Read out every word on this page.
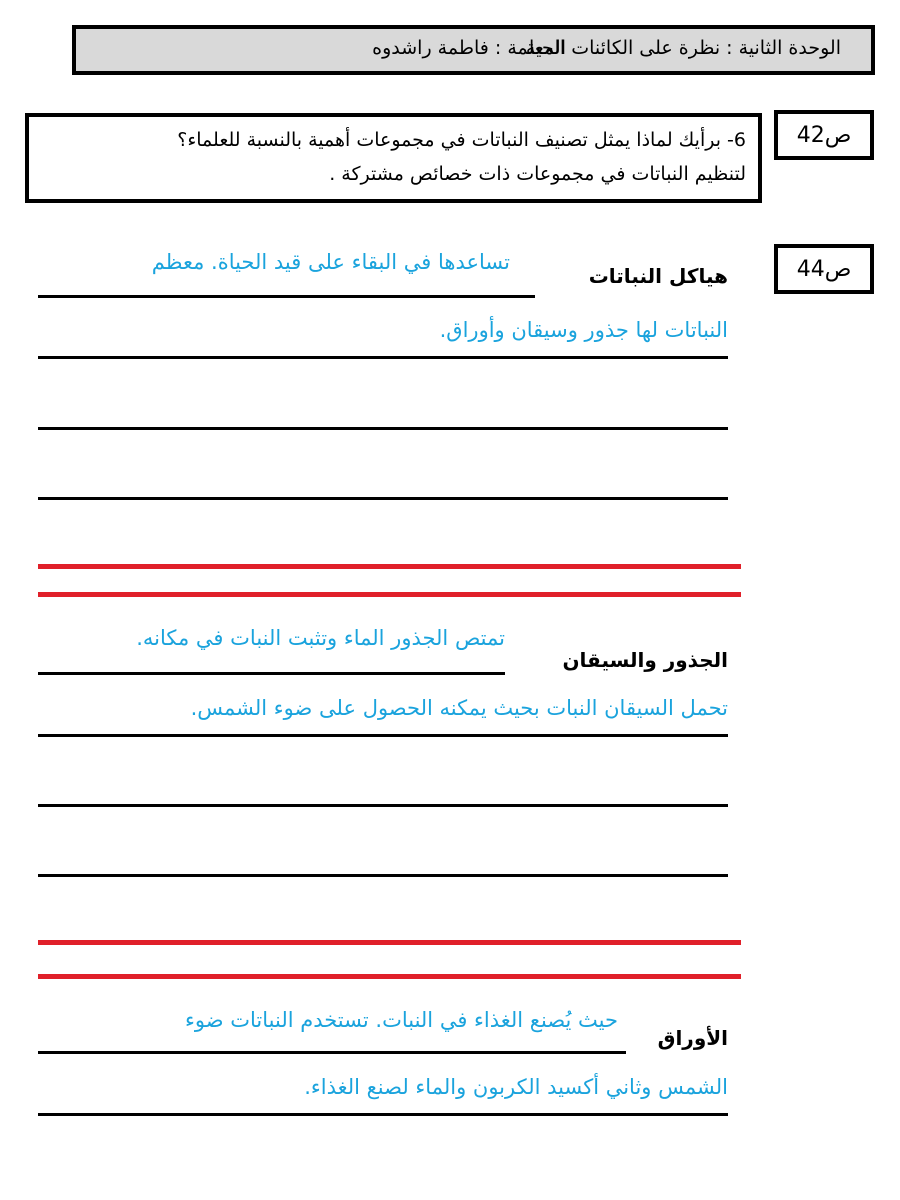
الوحدة الثانية : نظرة على الكائنات الحية
المعلمة : فاطمة راشدوه
ص42
6- برأيك لماذا يمثل تصنيف النباتات في مجموعات أهمية بالنسبة للعلماء؟
لتنظيم النباتات في مجموعات ذات خصائص مشتركة .
ص44
هياكل النباتات
تساعدها في البقاء على قيد الحياة. معظم
النباتات لها جذور وسيقان وأوراق.
الجذور والسيقان
تمتص الجذور الماء وتثبت النبات في مكانه.
تحمل السيقان النبات بحيث يمكنه الحصول على ضوء الشمس.
الأوراق
حيث يُصنع الغذاء في النبات. تستخدم النباتات ضوء
الشمس وثاني أكسيد الكربون والماء لصنع الغذاء.
